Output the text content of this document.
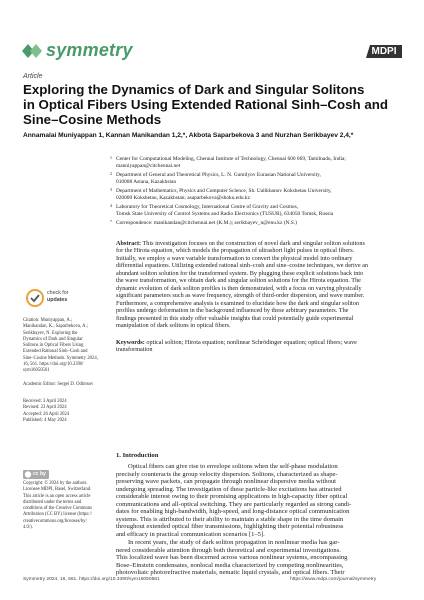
symmetry	MDPI
Article
Exploring the Dynamics of Dark and Singular Solitons
in Optical Fibers Using Extended Rational Sinh–Cosh and
Sine–Cosine Methods
Annamalai Muniyappan 1, Kannan Manikandan 1,2,*, Akbota Saparbekova 3 and Nurzhan Serikbayev 2,4,*
1 Center for Computational Modeling, Chennai Institute of Technology, Chennai 600 069, Tamilnadu, India;
manniyappan@citchennai.net
2 Department of General and Theoretical Physics, L. N. Gumilyov Eurasian National University,
010008 Astana, Kazakhstan
3 Department of Mathematics, Physics and Computer Science, Sh. Ualikhanov Kokshetau University,
020000 Kokshetau, Kazakhstan; asaparbekova@shoku.edu.kz
4 Laboratory for Theoretical Cosmology, International Centre of Gravity and Cosmos,
Tomsk State University of Control Systems and Radio Electronics (TUSUR), 634050 Tomsk, Russia
* Correspondence: manikandan@citchennai.net (K.M.); serikbayev_n@enu.kz (N.S.)
Abstract: This investigation focuses on the construction of novel dark and singular soliton solutions
for the Hirota equation, which models the propagation of ultrashort light pulses in optical fibers.
Initially, we employ a wave variable transformation to convert the physical model into ordinary
differential equations. Utilizing extended rational sinh–cosh and sine–cosine techniques, we derive an
abundant soliton solution for the transformed system. By plugging these explicit solutions back into
the wave transformation, we obtain dark and singular soliton solutions for the Hirota equation. The
dynamic evolution of dark soliton profiles is then demonstrated, with a focus on varying physically
significant parameters such as wave frequency, strength of third-order dispersion, and wave number.
Furthermore, a comprehensive analysis is examined to elucidate how the dark and singular soliton
profiles undergo deformation in the background influenced by these arbitrary parameters. The
findings presented in this study offer valuable insights that could potentially guide experimental
manipulation of dark solitons in optical fibers.
Keywords: optical soliton; Hirota equation; nonlinear Schrödinger equation; optical fibers; wave
transformation
check for
updates
Citation: Muniyappan, A.;
Manikandan, K.; Saparbekova, A.;
Serikbayev, N. Exploring the
Dynamics of Dark and Singular
Solitons in Optical Fibers Using
Extended Rational Sinh–Cosh and
Sine–Cosine Methods. Symmetry 2024,
16, 561. https://doi.org/10.3390/
sym16050561
Academic Editor: Sergei D. Odintsov
Received: 3 April 2024
Revised: 23 April 2024
Accepted: 26 April 2024
Published: 4 May 2024
cc by
Copyright: © 2024 by the authors.
Licensee MDPI, Basel, Switzerland.
This article is an open access article
distributed under the terms and
conditions of the Creative Commons
Attribution (CC BY) license (https://
creativecommons.org/licenses/by/
4.0/).
1. Introduction
Optical fibers can give rise to envelope solitons when the self-phase modulation
precisely counteracts the group velocity dispersion. Solitons, characterized as shape-
preserving wave packets, can propagate through nonlinear dispersive media without
undergoing spreading. The investigation of these particle-like excitations has attracted
considerable interest owing to their promising applications in high-capacity fiber optical
communications and all-optical switching. They are particularly regarded as strong candi-
dates for enabling high-bandwidth, high-speed, and long-distance optical communication
systems. This is attributed to their ability to maintain a stable shape in the time domain
throughout extended optical fiber transmissions, highlighting their potential robustness
and efficacy in practical communication scenarios [1–5].
In recent years, the study of dark soliton propagation in nonlinear media has gar-
nered considerable attention through both theoretical and experimental investigations.
This localized wave has been discerned across various nonlinear systems, encompassing
Bose–Einstein condensates, nonlocal media characterized by competing nonlinearities,
photovoltaic photorefractive materials, nematic liquid crystals, and optical fibers. Their
Symmetry 2024, 16, 561. https://doi.org/10.3390/sym16050561	https://www.mdpi.com/journal/symmetry
